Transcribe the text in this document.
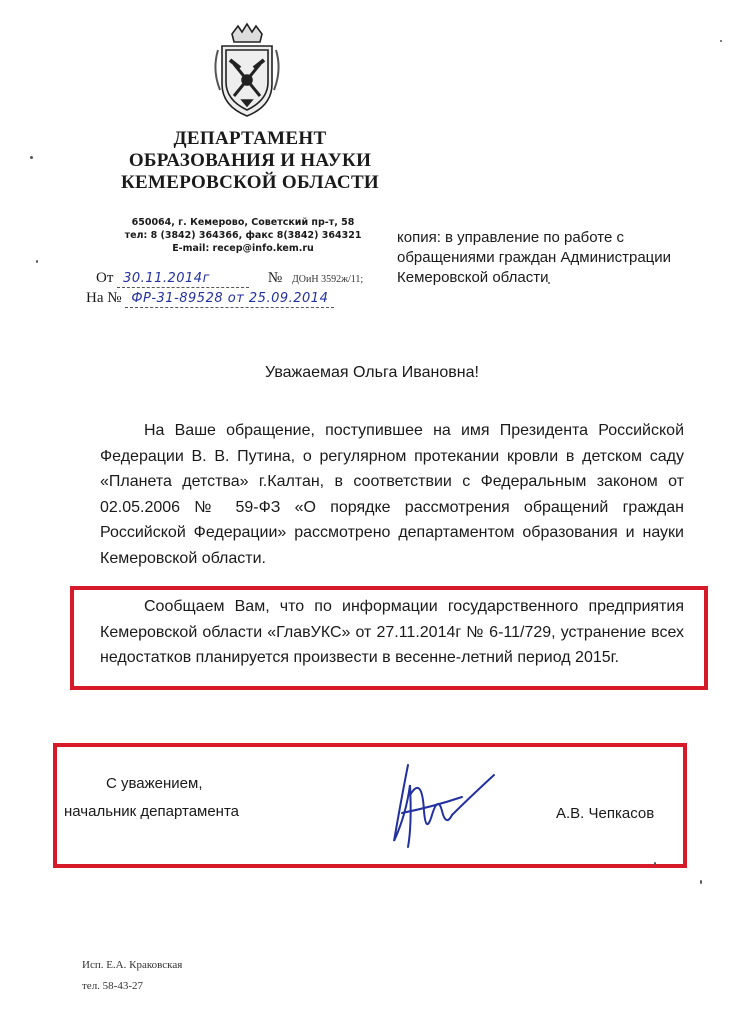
ДЕПАРТАМЕНТ
ОБРАЗОВАНИЯ И НАУКИ
КЕМЕРОВСКОЙ ОБЛАСТИ
650064, г. Кемерово, Советский пр-т, 58
тел: 8 (3842) 364366, факс 8(3842) 364321
E-mail: recep@info.kem.ru
копия: в управление по работе с обращениями граждан Администрации Кемеровской области
От 30.11.2014г	№ ДОиН 3592ж/11;
На № ФР-31-89528 от 25.09.2014
Уважаемая Ольга Ивановна!
На Ваше обращение, поступившее на имя Президента Российской Федерации В. В. Путина, о регулярном протекании кровли в детском саду «Планета детства» г.Калтан, в соответствии с Федеральным законом от 02.05.2006 № 59-ФЗ «О порядке рассмотрения обращений граждан Российской Федерации» рассмотрено департаментом образования и науки Кемеровской области.
Сообщаем Вам, что по информации государственного предприятия Кемеровской области «ГлавУКС» от 27.11.2014г № 6-11/729, устранение всех недостатков планируется произвести в весенне-летний период 2015г.
С уважением,
начальник департамента	А.В. Чепкасов
Исп. Е.А. Краковская
тел. 58-43-27
